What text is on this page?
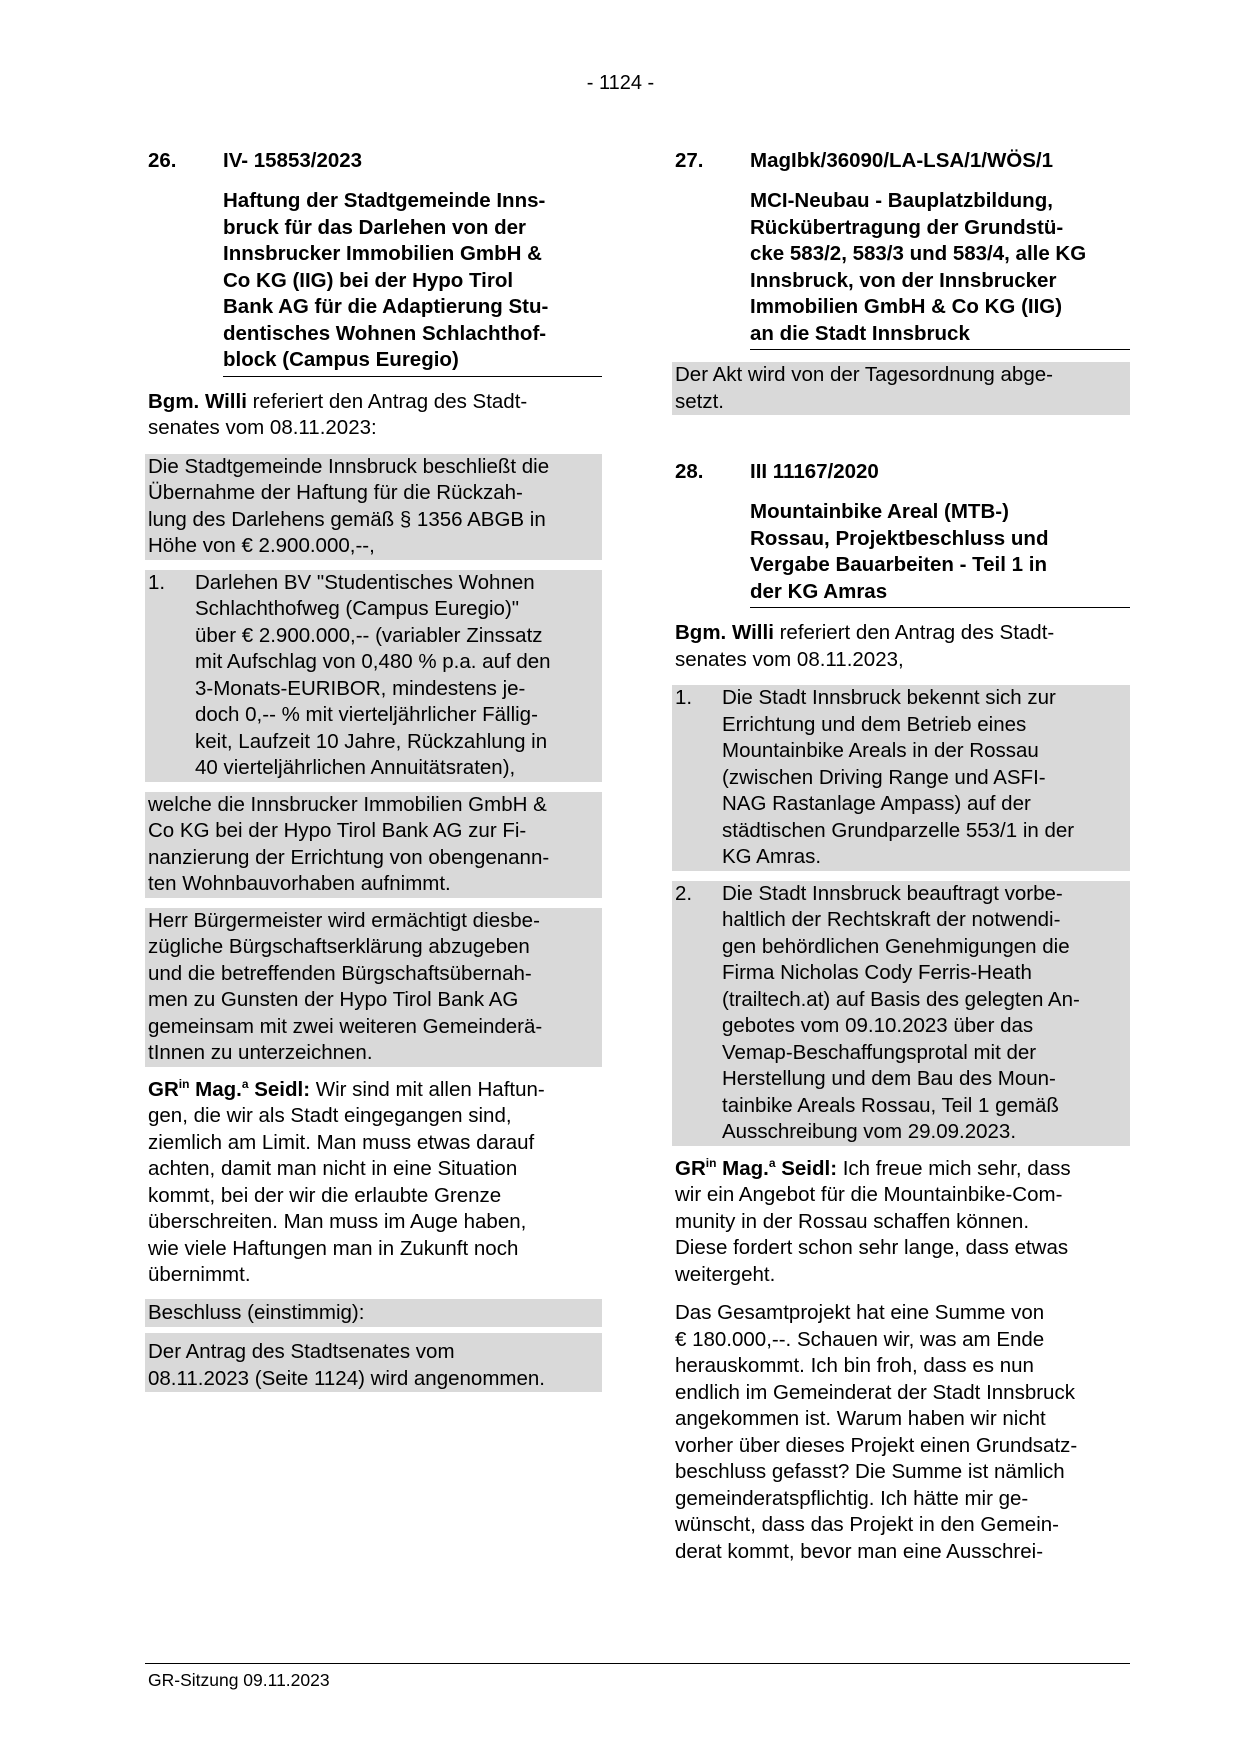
- 1124 -
26.	IV- 15853/2023
Haftung der Stadtgemeinde Inns-
bruck für das Darlehen von der
Innsbrucker Immobilien GmbH &
Co KG (IIG) bei der Hypo Tirol
Bank AG für die Adaptierung Stu-
dentisches Wohnen Schlachthof-
block (Campus Euregio)
Bgm. Willi referiert den Antrag des Stadt-
senates vom 08.11.2023:
Die Stadtgemeinde Innsbruck beschließt die
Übernahme der Haftung für die Rückzah-
lung des Darlehens gemäß § 1356 ABGB in
Höhe von € 2.900.000,--,
1.	Darlehen BV "Studentisches Wohnen
Schlachthofweg (Campus Euregio)"
über € 2.900.000,-- (variabler Zinssatz
mit Aufschlag von 0,480 % p.a. auf den
3-Monats-EURIBOR, mindestens je-
doch 0,-- % mit vierteljährlicher Fällig-
keit, Laufzeit 10 Jahre, Rückzahlung in
40 vierteljährlichen Annuitätsraten),
welche die Innsbrucker Immobilien GmbH &
Co KG bei der Hypo Tirol Bank AG zur Fi-
nanzierung der Errichtung von obengenann-
ten Wohnbauvorhaben aufnimmt.
Herr Bürgermeister wird ermächtigt diesbe-
zügliche Bürgschaftserklärung abzugeben
und die betreffenden Bürgschaftsübernah-
men zu Gunsten der Hypo Tirol Bank AG
gemeinsam mit zwei weiteren Gemeinderä-
tInnen zu unterzeichnen.
$GR^{in}$ Mag.$^a$ Seidl: Wir sind mit allen Haftun-
gen, die wir als Stadt eingegangen sind,
ziemlich am Limit. Man muss etwas darauf
achten, damit man nicht in eine Situation
kommt, bei der wir die erlaubte Grenze
überschreiten. Man muss im Auge haben,
wie viele Haftungen man in Zukunft noch
übernimmt.
Beschluss (einstimmig):
Der Antrag des Stadtsenates vom
08.11.2023 (Seite 1124) wird angenommen.
27.	MagIbk/36090/LA-LSA/1/WÖS/1
MCI-Neubau - Bauplatzbildung,
Rückübertragung der Grundstü-
cke 583/2, 583/3 und 583/4, alle KG
Innsbruck, von der Innsbrucker
Immobilien GmbH & Co KG (IIG)
an die Stadt Innsbruck
Der Akt wird von der Tagesordnung abge-
setzt.
28.	III 11167/2020
Mountainbike Areal (MTB-)
Rossau, Projektbeschluss und
Vergabe Bauarbeiten - Teil 1 in
der KG Amras
Bgm. Willi referiert den Antrag des Stadt-
senates vom 08.11.2023,
1.	Die Stadt Innsbruck bekennt sich zur
Errichtung und dem Betrieb eines
Mountainbike Areals in der Rossau
(zwischen Driving Range und ASFI-
NAG Rastanlage Ampass) auf der
städtischen Grundparzelle 553/1 in der
KG Amras.
2.	Die Stadt Innsbruck beauftragt vorbe-
haltlich der Rechtskraft der notwendi-
gen behördlichen Genehmigungen die
Firma Nicholas Cody Ferris-Heath
(trailtech.at) auf Basis des gelegten An-
gebotes vom 09.10.2023 über das
Vemap-Beschaffungsprotal mit der
Herstellung und dem Bau des Moun-
tainbike Areals Rossau, Teil 1 gemäß
Ausschreibung vom 29.09.2023.
$GR^{in}$ Mag.$^a$ Seidl: Ich freue mich sehr, dass
wir ein Angebot für die Mountainbike-Com-
munity in der Rossau schaffen können.
Diese fordert schon sehr lange, dass etwas
weitergeht.
Das Gesamtprojekt hat eine Summe von
€ 180.000,--. Schauen wir, was am Ende
herauskommt. Ich bin froh, dass es nun
endlich im Gemeinderat der Stadt Innsbruck
angekommen ist. Warum haben wir nicht
vorher über dieses Projekt einen Grundsatz-
beschluss gefasst? Die Summe ist nämlich
gemeinderatspflichtig. Ich hätte mir ge-
wünscht, dass das Projekt in den Gemein-
derat kommt, bevor man eine Ausschrei-
GR-Sitzung 09.11.2023
